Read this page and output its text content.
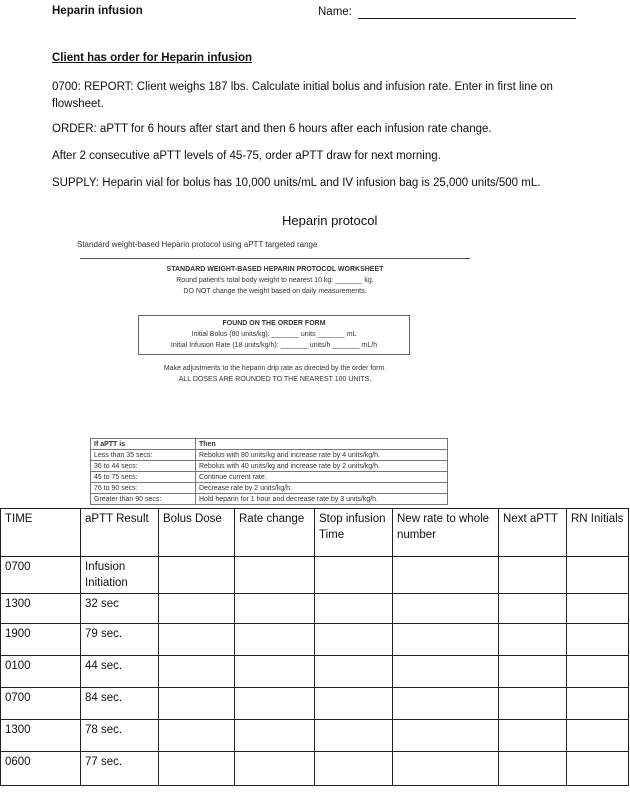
Heparin infusion	Name:
Client has order for Heparin infusion
0700: REPORT: Client weighs 187 lbs. Calculate initial bolus and infusion rate. Enter in first line on flowsheet.
ORDER: aPTT for 6 hours after start and then 6 hours after each infusion rate change.
After 2 consecutive aPTT levels of 45-75, order aPTT draw for next morning.
SUPPLY: Heparin vial for bolus has 10,000 units/mL and IV infusion bag is 25,000 units/500 mL.
Heparin protocol
Standard weight-based Heparin protocol using aPTT targeted range
STANDARD WEIGHT-BASED HEPARIN PROTOCOL WORKSHEET
Round patient's total body weight to nearest 10 kg: _______ kg.
DO NOT change the weight based on daily measurements.
FOUND ON THE ORDER FORM
Initial Bolus (80 units/kg): _______ units _______ mL
Initial Infusion Rate (18 units/kg/h): _______ units/h _______ mL/h
Make adjustments to the heparin drip rate as directed by the order form.
ALL DOSES ARE ROUNDED TO THE NEAREST 100 UNITS.
If aPTT is	Then
Less than 35 secs:	Rebolus with 80 units/kg and increase rate by 4 units/kg/h.
36 to 44 secs:	Rebolus with 40 units/kg and increase rate by 2 units/kg/h.
45 to 75 secs:	Continue current rate.
76 to 90 secs:	Decrease rate by 2 units/kg/h.
Greater than 90 secs:	Hold heparin for 1 hour and decrease rate by 3 units/kg/h.
TIME	aPTT Result	Bolus Dose	Rate change	Stop infusion Time	New rate to whole number	Next aPTT	RN Initials
0700	Infusion Initiation						
1300	32 sec						
1900	79 sec.						
0100	44 sec.						
0700	84 sec.						
1300	78 sec.						
0600	77 sec.						
